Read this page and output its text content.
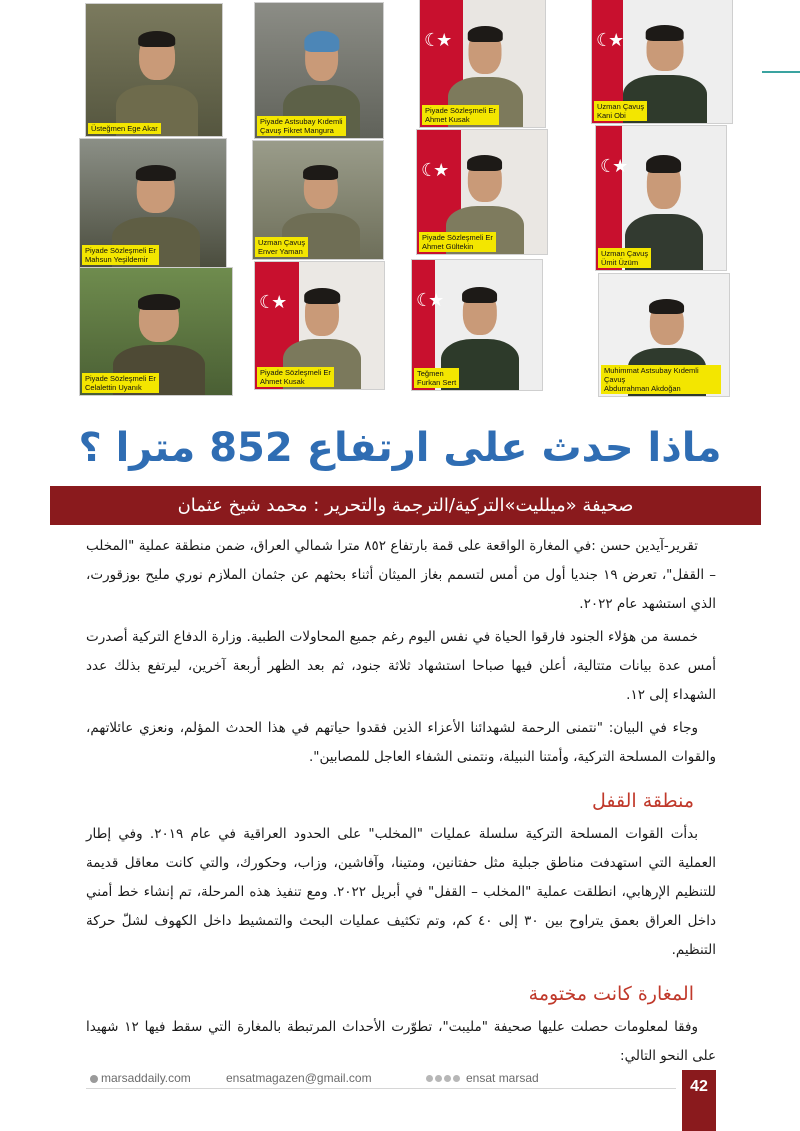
Üsteğmen Ege Akar
Piyade Astsubay Kıdemli
Çavuş Fikret Mangura
☾★
Piyade Sözleşmeli Er
Ahmet Kusak
☾★
Uzman Çavuş
Kani Obi
Piyade Sözleşmeli Er
Mahsun Yeşildemir
Uzman Çavuş
Enver Yaman
☾★
Piyade Sözleşmeli Er
Ahmet Gültekin
☾★
Uzman Çavuş
Ümit Üzüm
Piyade Sözleşmeli Er
Celalettin Uyanık
☾★
Piyade Sözleşmeli Er
Ahmet Kusak
☾★
Teğmen
Furkan Sert
Muhimmat Astsubay Kıdemli Çavuş
Abdurrahman Akdoğan
ماذا حدث على ارتفاع 852 مترا ؟
صحيفة «ميلليت»التركية/الترجمة والتحرير : محمد شيخ عثمان

تقرير-آيدين حسن :في المغارة الواقعة على قمة بارتفاع ٨٥٢ مترا شمالي العراق، ضمن منطقة عملية "المخلب – القفل"، تعرض ١٩ جنديا أول من أمس لتسمم بغاز الميثان أثناء بحثهم عن جثمان الملازم نوري مليح بوزقورت، الذي استشهد عام ٢٠٢٢.

خمسة من هؤلاء الجنود فارقوا الحياة في نفس اليوم رغم جميع المحاولات الطبية. وزارة الدفاع التركية أصدرت أمس عدة بيانات متتالية، أعلن فيها صباحا استشهاد ثلاثة جنود، ثم بعد الظهر أربعة آخرين، ليرتفع بذلك عدد الشهداء إلى ١٢.

وجاء في البيان: "نتمنى الرحمة لشهدائنا الأعزاء الذين فقدوا حياتهم في هذا الحدث المؤلم، ونعزي عائلاتهم، والقوات المسلحة التركية، وأمتنا النبيلة، ونتمنى الشفاء العاجل للمصابين".

منطقة القفل

بدأت القوات المسلحة التركية سلسلة عمليات "المخلب" على الحدود العراقية في عام ٢٠١٩. وفي إطار العملية التي استهدفت مناطق جبلية مثل حفتانين، ومتينا، وآفاشين، وزاب، وحكورك، والتي كانت معاقل قديمة للتنظيم الإرهابي، انطلقت عملية "المخلب – القفل" في أبريل ٢٠٢٢. ومع تنفيذ هذه المرحلة، تم إنشاء خط أمني داخل العراق بعمق يتراوح بين ٣٠ إلى ٤٠ كم، وتم تكثيف عمليات البحث والتمشيط داخل الكهوف لشلّ حركة التنظيم.

المغارة كانت مختومة

وفقا لمعلومات حصلت عليها صحيفة "مليبت"، تطوّرت الأحداث المرتبطة بالمغارة التي سقط فيها ١٢ شهيدا على النحو التالي:

marsaddaily.com	ensatmagazen@gmail.com	ensat marsad	42
